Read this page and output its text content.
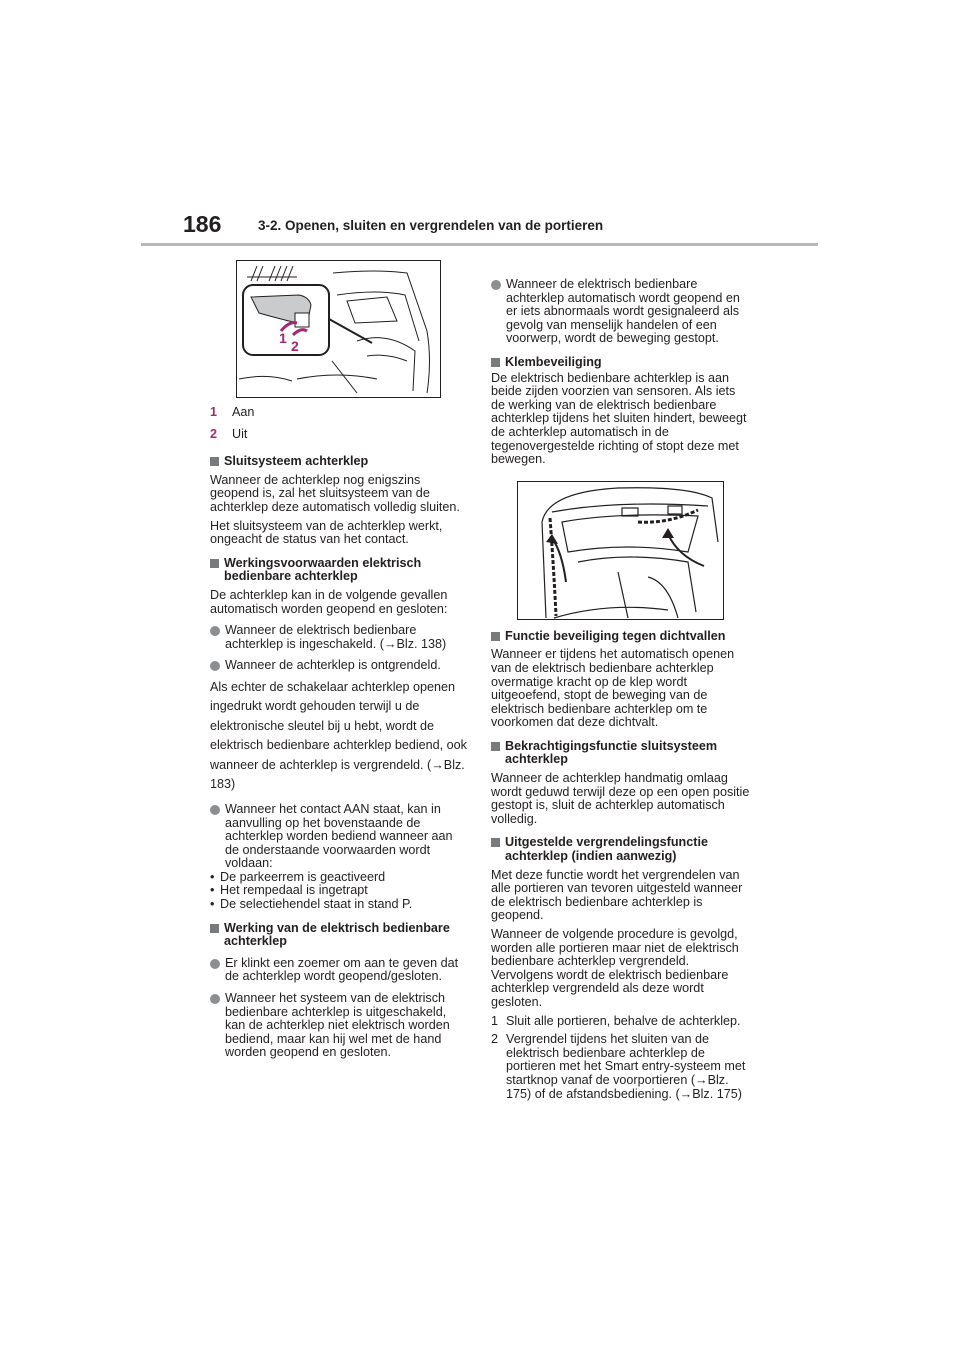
186	3-2. Openen, sluiten en vergrendelen van de portieren
1 2
1	Aan
2	Uit
Sluitsysteem achterklep
Wanneer de achterklep nog enigszins geopend is, zal het sluitsysteem van de achterklep deze automatisch volledig sluiten.
Het sluitsysteem van de achterklep werkt, ongeacht de status van het contact.
Werkingsvoorwaarden elektrisch bedienbare achterklep
De achterklep kan in de volgende gevallen automatisch worden geopend en gesloten:
Wanneer de elektrisch bedienbare achterklep is ingeschakeld. (→Blz. 138)
Wanneer de achterklep is ontgrendeld.
Als echter de schakelaar achterklep openen ingedrukt wordt gehouden terwijl u de elektronische sleutel bij u hebt, wordt de elektrisch bedienbare achterklep bediend, ook wanneer de achterklep is vergrendeld. (→Blz. 183)
Wanneer het contact AAN staat, kan in aanvulling op het bovenstaande de achterklep worden bediend wanneer aan de onderstaande voorwaarden wordt voldaan:
• De parkeerrem is geactiveerd
• Het rempedaal is ingetrapt
• De selectiehendel staat in stand P.
Werking van de elektrisch bedienbare achterklep
Er klinkt een zoemer om aan te geven dat de achterklep wordt geopend/gesloten.
Wanneer het systeem van de elektrisch bedienbare achterklep is uitgeschakeld, kan de achterklep niet elektrisch worden bediend, maar kan hij wel met de hand worden geopend en gesloten.
Wanneer de elektrisch bedienbare achterklep automatisch wordt geopend en er iets abnormaals wordt gesignaleerd als gevolg van menselijk handelen of een voorwerp, wordt de beweging gestopt.
Klembeveiliging
De elektrisch bedienbare achterklep is aan beide zijden voorzien van sensoren. Als iets de werking van de elektrisch bedienbare achterklep tijdens het sluiten hindert, beweegt de achterklep automatisch in de tegenovergestelde richting of stopt deze met bewegen.
Functie beveiliging tegen dichtvallen
Wanneer er tijdens het automatisch openen van de elektrisch bedienbare achterklep overmatige kracht op de klep wordt uitgeoefend, stopt de beweging van de elektrisch bedienbare achterklep om te voorkomen dat deze dichtvalt.
Bekrachtigingsfunctie sluitsysteem achterklep
Wanneer de achterklep handmatig omlaag wordt geduwd terwijl deze op een open positie gestopt is, sluit de achterklep automatisch volledig.
Uitgestelde vergrendelingsfunctie achterklep (indien aanwezig)
Met deze functie wordt het vergrendelen van alle portieren van tevoren uitgesteld wanneer de elektrisch bedienbare achterklep is geopend.
Wanneer de volgende procedure is gevolgd, worden alle portieren maar niet de elektrisch bedienbare achterklep vergrendeld. Vervolgens wordt de elektrisch bedienbare achterklep vergrendeld als deze wordt gesloten.
1 Sluit alle portieren, behalve de achterklep.
2 Vergrendel tijdens het sluiten van de elektrisch bedienbare achterklep de portieren met het Smart entry-systeem met startknop vanaf de voorportieren (→Blz. 175) of de afstandsbediening. (→Blz. 175)
